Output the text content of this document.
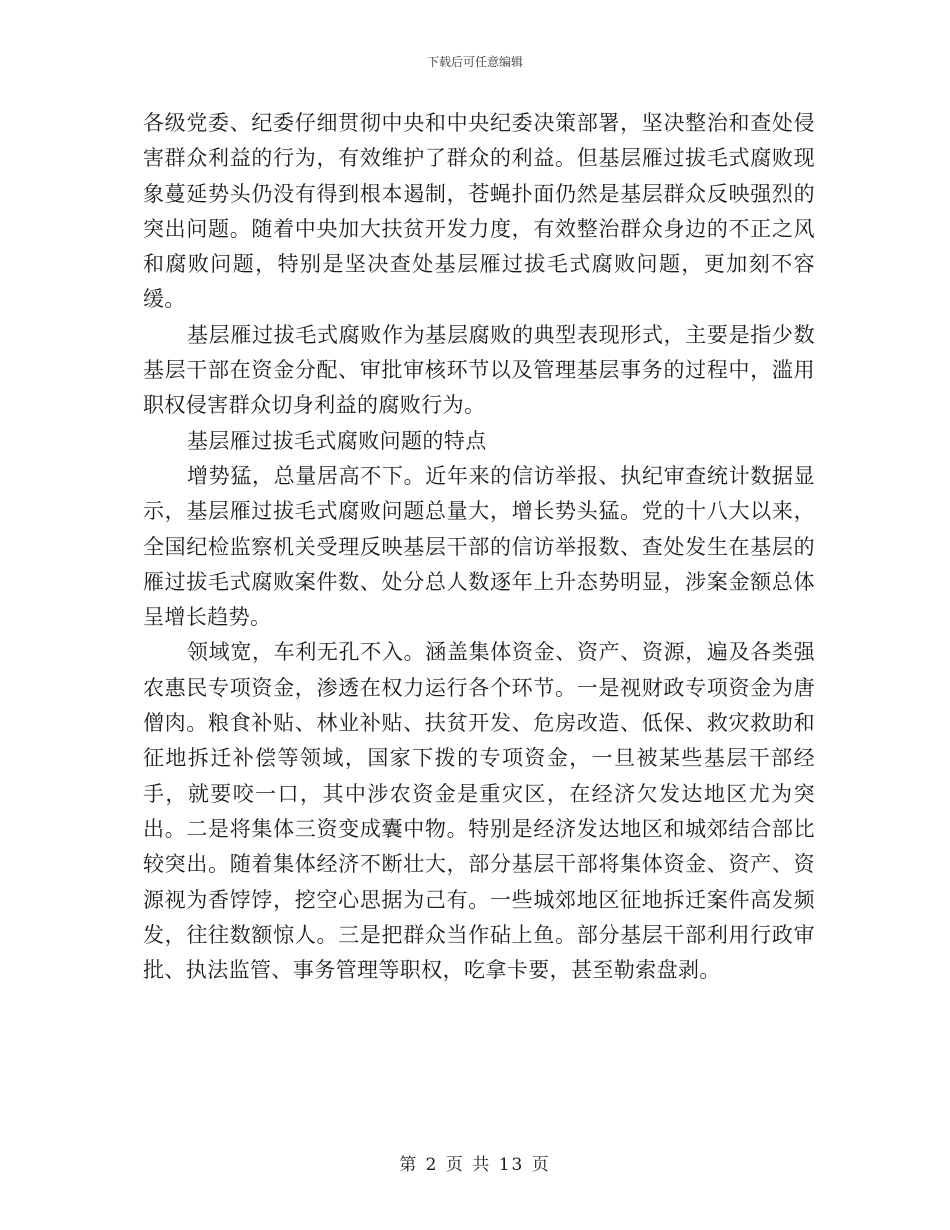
下载后可任意编辑

各级党委、纪委仔细贯彻中央和中央纪委决策部署，坚决整治和查处侵害群众利益的行为，有效维护了群众的利益。但基层雁过拔毛式腐败现象蔓延势头仍没有得到根本遏制，苍蝇扑面仍然是基层群众反映强烈的突出问题。随着中央加大扶贫开发力度，有效整治群众身边的不正之风和腐败问题，特别是坚决查处基层雁过拔毛式腐败问题，更加刻不容缓。

基层雁过拔毛式腐败作为基层腐败的典型表现形式，主要是指少数基层干部在资金分配、审批审核环节以及管理基层事务的过程中，滥用职权侵害群众切身利益的腐败行为。

基层雁过拔毛式腐败问题的特点

增势猛，总量居高不下。近年来的信访举报、执纪审查统计数据显示，基层雁过拔毛式腐败问题总量大，增长势头猛。党的十八大以来，全国纪检监察机关受理反映基层干部的信访举报数、查处发生在基层的雁过拔毛式腐败案件数、处分总人数逐年上升态势明显，涉案金额总体呈增长趋势。

领域宽，车利无孔不入。涵盖集体资金、资产、资源，遍及各类强农惠民专项资金，渗透在权力运行各个环节。一是视财政专项资金为唐僧肉。粮食补贴、林业补贴、扶贫开发、危房改造、低保、救灾救助和征地拆迁补偿等领域，国家下拨的专项资金，一旦被某些基层干部经手，就要咬一口，其中涉农资金是重灾区，在经济欠发达地区尤为突出。二是将集体三资变成囊中物。特别是经济发达地区和城郊结合部比较突出。随着集体经济不断壮大，部分基层干部将集体资金、资产、资源视为香饽饽，挖空心思据为己有。一些城郊地区征地拆迁案件高发频发，往往数额惊人。三是把群众当作砧上鱼。部分基层干部利用行政审批、执法监管、事务管理等职权，吃拿卡要，甚至勒索盘剥。

第 2 页 共 13 页
